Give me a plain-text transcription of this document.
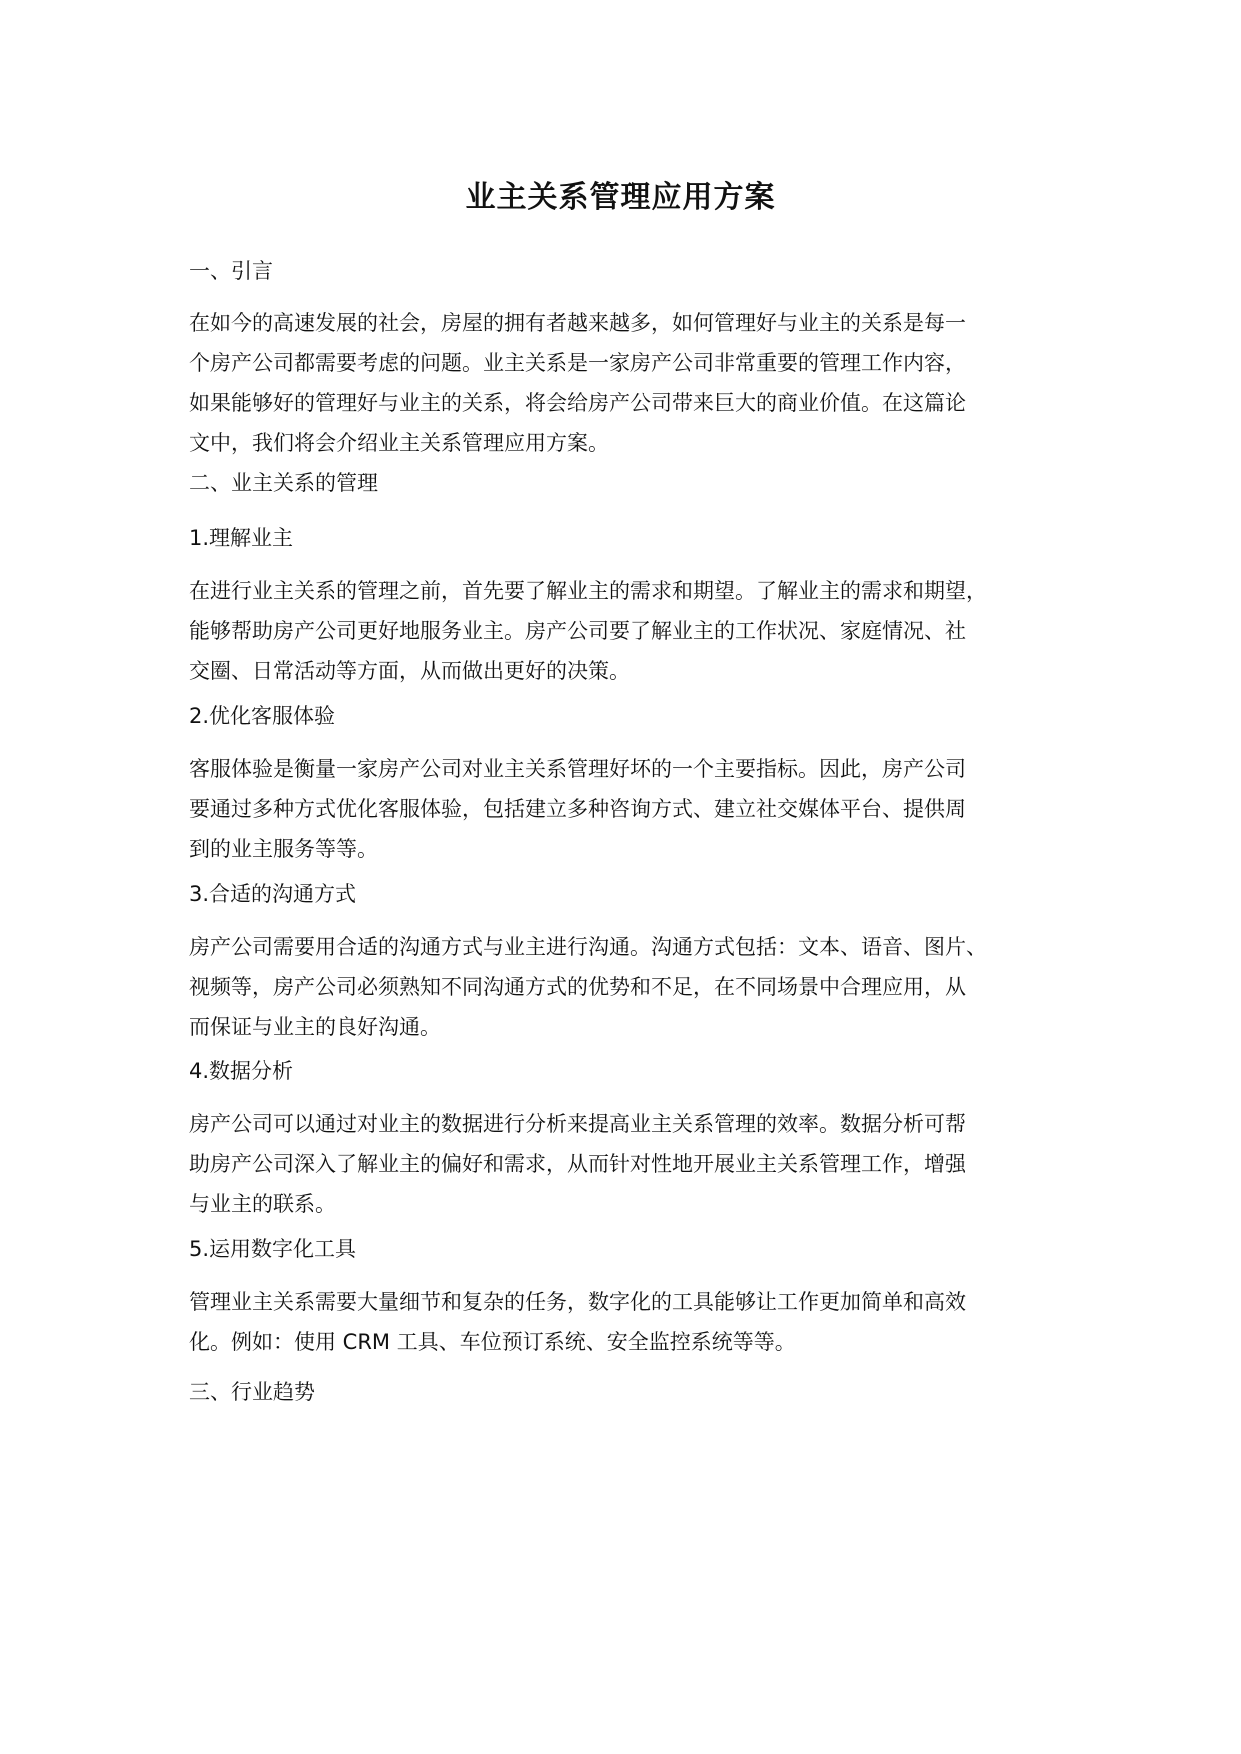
业主关系管理应用方案
一、引言
在如今的高速发展的社会，房屋的拥有者越来越多，如何管理好与业主的关系是每一
个房产公司都需要考虑的问题。业主关系是一家房产公司非常重要的管理工作内容，
如果能够好的管理好与业主的关系，将会给房产公司带来巨大的商业价值。在这篇论
文中，我们将会介绍业主关系管理应用方案。
二、业主关系的管理
1.理解业主
在进行业主关系的管理之前，首先要了解业主的需求和期望。了解业主的需求和期望，
能够帮助房产公司更好地服务业主。房产公司要了解业主的工作状况、家庭情况、社
交圈、日常活动等方面，从而做出更好的决策。
2.优化客服体验
客服体验是衡量一家房产公司对业主关系管理好坏的一个主要指标。因此，房产公司
要通过多种方式优化客服体验，包括建立多种咨询方式、建立社交媒体平台、提供周
到的业主服务等等。
3.合适的沟通方式
房产公司需要用合适的沟通方式与业主进行沟通。沟通方式包括：文本、语音、图片、
视频等，房产公司必须熟知不同沟通方式的优势和不足，在不同场景中合理应用，从
而保证与业主的良好沟通。
4.数据分析
房产公司可以通过对业主的数据进行分析来提高业主关系管理的效率。数据分析可帮
助房产公司深入了解业主的偏好和需求，从而针对性地开展业主关系管理工作，增强
与业主的联系。
5.运用数字化工具
管理业主关系需要大量细节和复杂的任务，数字化的工具能够让工作更加简单和高效
化。例如：使用 CRM 工具、车位预订系统、安全监控系统等等。
三、行业趋势
